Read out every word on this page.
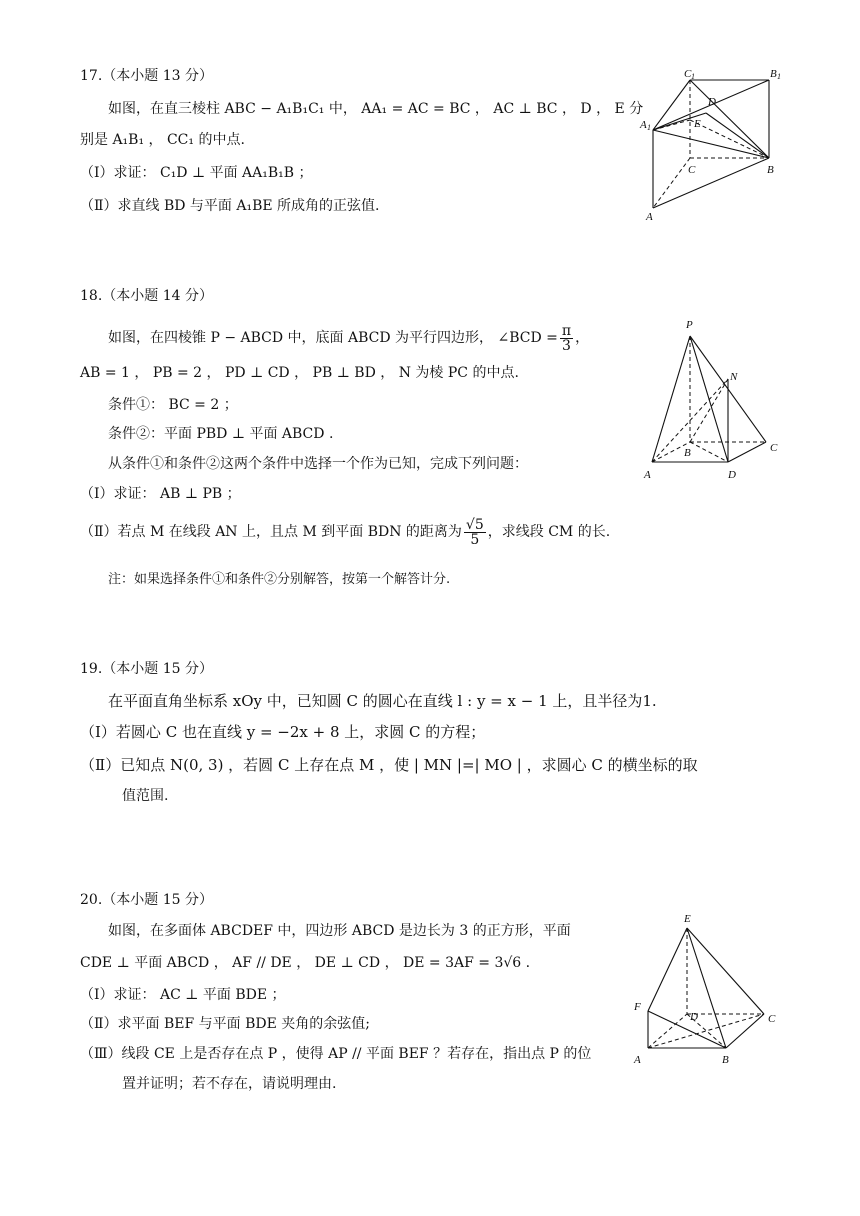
17.（本小题 13 分）
如图，在直三棱柱 ABC − A₁B₁C₁ 中， AA₁ = AC = BC ， AC ⊥ BC ， D ， E 分
别是 A₁B₁ ， CC₁ 的中点.
（Ⅰ）求证： C₁D ⊥ 平面 AA₁B₁B ；
（Ⅱ）求直线 BD 与平面 A₁BE 所成角的正弦值.
C 1	B 1
A 1
D
E
C	B
A
18.（本小题 14 分）
如图，在四棱锥 P − ABCD 中，底面 ABCD 为平行四边形， ∠BCD = $\frac{\pi}{3}$ ，
AB = 1 ， PB = 2 ， PD ⊥ CD ， PB ⊥ BD ， N 为棱 PC 的中点.
条件①： BC = 2 ；
条件②：平面 PBD ⊥ 平面 ABCD .
从条件①和条件②这两个条件中选择一个作为已知，完成下列问题：
（Ⅰ）求证： AB ⊥ PB ；
（Ⅱ）若点 M 在线段 AN 上，且点 M 到平面 BDN 的距离为 $\frac{√5}{5}$ ，求线段 CM 的长.
注：如果选择条件①和条件②分别解答，按第一个解答计分.
P
N
C
B
A	D
19.（本小题 15 分）
在平面直角坐标系 xOy 中，已知圆 C 的圆心在直线 l : y = x − 1 上，且半径为1.
（Ⅰ）若圆心 C 也在直线 y = −2x + 8 上，求圆 C 的方程；
（Ⅱ）已知点 N(0, 3) ，若圆 C 上存在点 M ，使 | MN |=| MO | ，求圆心 C 的横坐标的取
值范围.
20.（本小题 15 分）
如图，在多面体 ABCDEF 中，四边形 ABCD 是边长为 3 的正方形，平面
CDE ⊥ 平面 ABCD ， AF // DE ， DE ⊥ CD ， DE = 3AF = 3√6 .
（Ⅰ）求证： AC ⊥ 平面 BDE ；
（Ⅱ）求平面 BEF 与平面 BDE 夹角的余弦值;
（Ⅲ）线段 CE 上是否存在点 P ，使得 AP // 平面 BEF ？若存在，指出点 P 的位
置并证明；若不存在，请说明理由.
E
F
D	C
A	B
